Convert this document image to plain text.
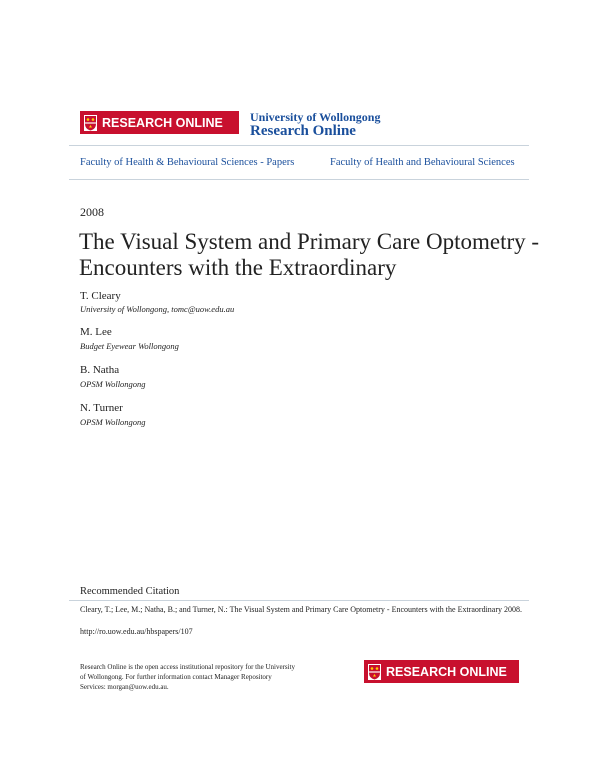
RESEARCH ONLINE University of Wollongong
Research Online
Faculty of Health & Behavioural Sciences - Papers	Faculty of Health and Behavioural Sciences
2008
The Visual System and Primary Care Optometry - Encounters with the Extraordinary
T. Cleary
University of Wollongong, tomc@uow.edu.au
M. Lee
Budget Eyewear Wollongong
B. Natha
OPSM Wollongong
N. Turner
OPSM Wollongong
Recommended Citation
Cleary, T.; Lee, M.; Natha, B.; and Turner, N.: The Visual System and Primary Care Optometry - Encounters with the Extraordinary 2008.
http://ro.uow.edu.au/hbspapers/107
Research Online is the open access institutional repository for the University of Wollongong. For further information contact Manager Repository Services: morgan@uow.edu.au.
RESEARCH ONLINE
